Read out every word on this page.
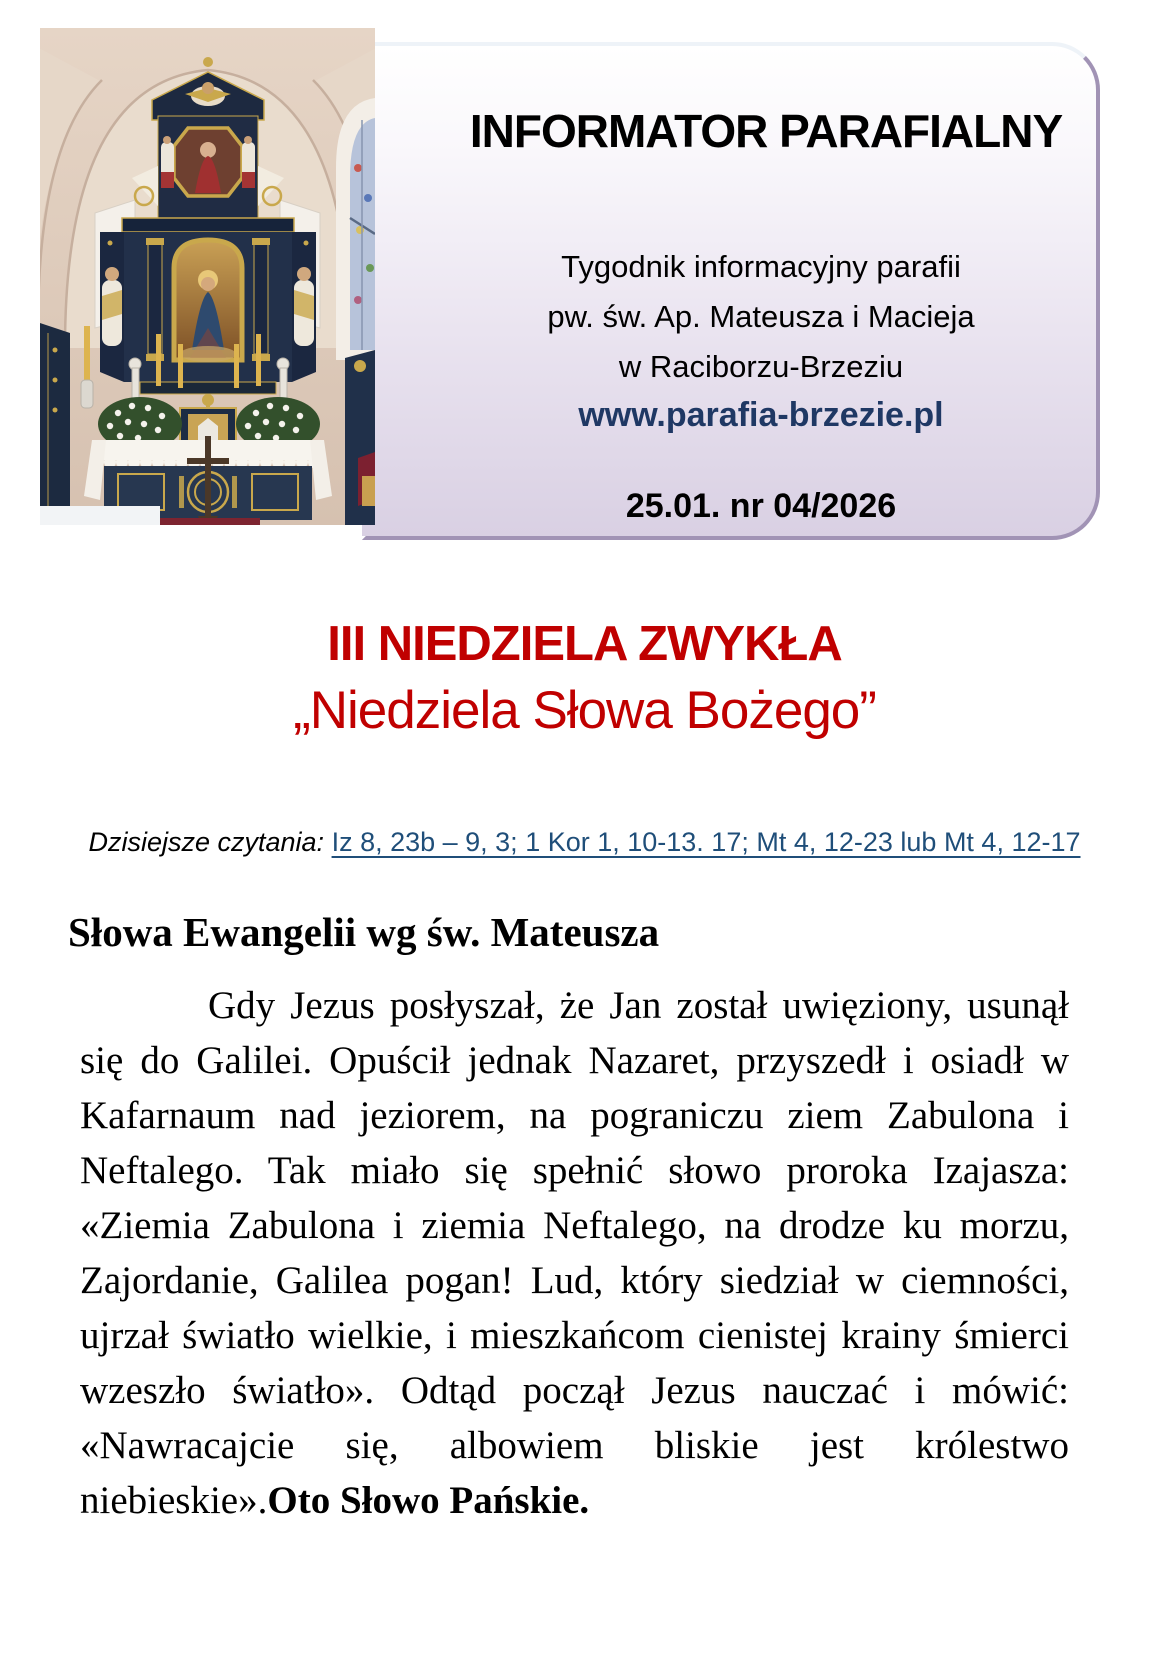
INFORMATOR PARAFIALNY
Tygodnik informacyjny parafii
pw. św. Ap. Mateusza i Macieja
w Raciborzu-Brzeziu
www.parafia-brzezie.pl
25.01. nr 04/2026
III NIEDZIELA ZWYKŁA
„Niedziela Słowa Bożego”
Dzisiejsze czytania: Iz 8, 23b – 9, 3; 1 Kor 1, 10-13. 17; Mt 4, 12-23 lub Mt 4, 12-17
Słowa Ewangelii wg św. Mateusza
Gdy Jezus posłyszał, że Jan został uwięziony, usunął się do Galilei. Opuścił jednak Nazaret, przyszedł i osiadł w Kafarnaum nad jeziorem, na pograniczu ziem Zabulona i Neftalego. Tak miało się spełnić słowo proroka Izajasza: «Ziemia Zabulona i ziemia Neftalego, na drodze ku morzu, Zajordanie, Galilea pogan! Lud, który siedział w ciemności, ujrzał światło wielkie, i mieszkańcom cienistej krainy śmierci wzeszło światło». Odtąd począł Jezus nauczać i mówić: «Nawracajcie się, albowiem bliskie jest królestwo niebieskie».Oto Słowo Pańskie.
